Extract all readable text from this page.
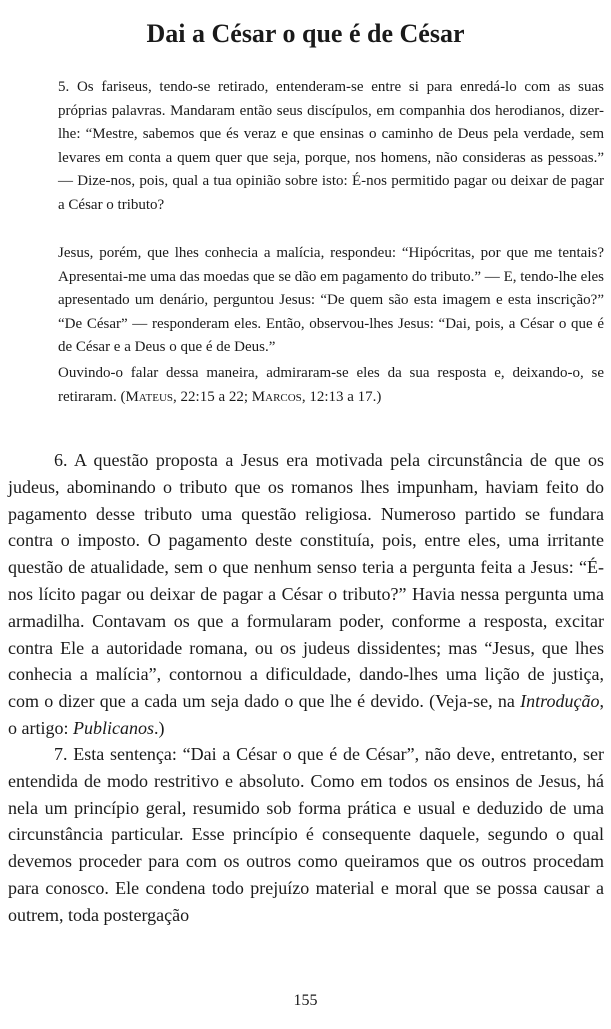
Dai a César o que é de César
5. Os fariseus, tendo-se retirado, entenderam-se entre si para enredá-lo com as suas próprias palavras. Mandaram então seus discípulos, em companhia dos herodianos, dizer-lhe: “Mestre, sabemos que és veraz e que ensinas o caminho de Deus pela verdade, sem levares em conta a quem quer que seja, porque, nos homens, não consideras as pessoas.” — Dize-nos, pois, qual a tua opinião sobre isto: É-nos permitido pagar ou deixar de pagar a César o tributo?
Jesus, porém, que lhes conhecia a malícia, respondeu: “Hipócritas, por que me tentais? Apresentai-me uma das moedas que se dão em pagamento do tributo.” — E, tendo-lhe eles apresentado um denário, perguntou Jesus: “De quem são esta imagem e esta inscrição?” “De César” — responderam eles. Então, observou-lhes Jesus: “Dai, pois, a César o que é de César e a Deus o que é de Deus.”
Ouvindo-o falar dessa maneira, admiraram-se eles da sua resposta e, deixando-o, se retiraram. (Mateus, 22:15 a 22; Marcos, 12:13 a 17.)
6. A questão proposta a Jesus era motivada pela circunstância de que os judeus, abominando o tributo que os romanos lhes impunham, haviam feito do pagamento desse tributo uma questão religiosa. Numeroso partido se fundara contra o imposto. O pagamento deste constituía, pois, entre eles, uma irritante questão de atualidade, sem o que nenhum senso teria a pergunta feita a Jesus: “É-nos lícito pagar ou deixar de pagar a César o tributo?” Havia nessa pergunta uma armadilha. Contavam os que a formularam poder, conforme a resposta, excitar contra Ele a autoridade romana, ou os judeus dissidentes; mas “Jesus, que lhes conhecia a malícia”, contornou a dificuldade, dando-lhes uma lição de justiça, com o dizer que a cada um seja dado o que lhe é devido. (Veja-se, na Introdução, o artigo: Publicanos.)
7. Esta sentença: “Dai a César o que é de César”, não deve, entretanto, ser entendida de modo restritivo e absoluto. Como em todos os ensinos de Jesus, há nela um princípio geral, resumido sob forma prática e usual e deduzido de uma circunstância particular. Esse princípio é consequente daquele, segundo o qual devemos proceder para com os outros como queiramos que os outros procedam para conosco. Ele condena todo prejuízo material e moral que se possa causar a outrem, toda postergação
155
